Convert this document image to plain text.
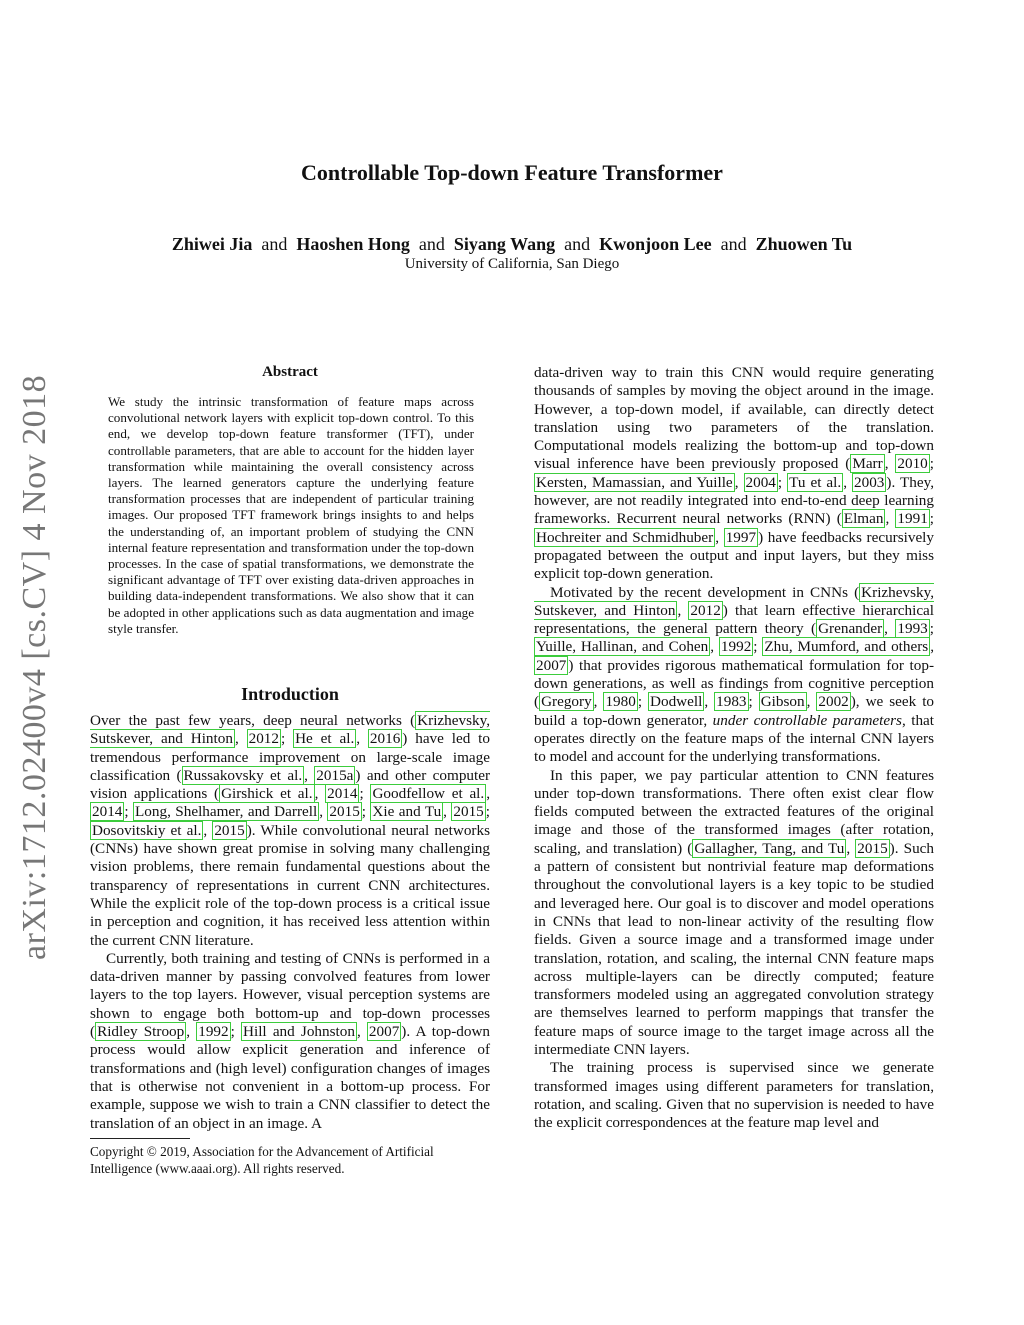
arXiv:1712.02400v4 [cs.CV] 4 Nov 2018
Controllable Top-down Feature Transformer
Zhiwei Jia and Haoshen Hong and Siyang Wang and Kwonjoon Lee and Zhuowen Tu
University of California, San Diego
Abstract
We study the intrinsic transformation of feature maps across convolutional network layers with explicit top-down control. To this end, we develop top-down feature transformer (TFT), under controllable parameters, that are able to account for the hidden layer transformation while maintaining the overall consistency across layers. The learned generators capture the underlying feature transformation processes that are independent of particular training images. Our proposed TFT framework brings insights to and helps the understanding of, an important problem of studying the CNN internal feature representation and transformation under the top-down processes. In the case of spatial transformations, we demonstrate the significant advantage of TFT over existing data-driven approaches in building data-independent transformations. We also show that it can be adopted in other applications such as data augmentation and image style transfer.
Introduction

Over the past few years, deep neural networks ( Krizhevsky, Sutskever, and Hinton , 2012 ; He et al. , 2016 ) have led to tremendous performance improvement on large-scale image classification ( Russakovsky et al. , 2015a ) and other computer vision applications ( Girshick et al. , 2014 ; Goodfellow et al. , 2014 ; Long, Shelhamer, and Darrell , 2015 ; Xie and Tu , 2015 ; Dosovitskiy et al. , 2015 ). While convolutional neural networks (CNNs) have shown great promise in solving many challenging vision problems, there remain fundamental questions about the transparency of representations in current CNN architectures. While the explicit role of the top-down process is a critical issue in perception and cognition, it has received less attention within the current CNN literature.

Currently, both training and testing of CNNs is performed in a data-driven manner by passing convolved features from lower layers to the top layers. However, visual perception systems are shown to engage both bottom-up and top-down processes ( Ridley Stroop , 1992 ; Hill and Johnston , 2007 ). A top-down process would allow explicit generation and inference of transformations and (high level) configuration changes of images that is otherwise not convenient in a bottom-up process. For example, suppose we wish to train a CNN classifier to detect the translation of an object in an image. A

Copyright © 2019, Association for the Advancement of Artificial Intelligence (www.aaai.org). All rights reserved.

data-driven way to train this CNN would require generating thousands of samples by moving the object around in the image. However, a top-down model, if available, can directly detect translation using two parameters of the translation. Computational models realizing the bottom-up and top-down visual inference have been previously proposed ( Marr , 2010 ; Kersten, Mamassian, and Yuille , 2004 ; Tu et al. , 2003 ). They, however, are not readily integrated into end-to-end deep learning frameworks. Recurrent neural networks (RNN) ( Elman , 1991 ; Hochreiter and Schmidhuber , 1997 ) have feedbacks recursively propagated between the output and input layers, but they miss explicit top-down generation.

Motivated by the recent development in CNNs ( Krizhevsky, Sutskever, and Hinton , 2012 ) that learn effective hierarchical representations, the general pattern theory ( Grenander , 1993 ; Yuille, Hallinan, and Cohen , 1992 ; Zhu, Mumford, and others , 2007 ) that provides rigorous mathematical formulation for top-down generations, as well as findings from cognitive perception ( Gregory , 1980 ; Dodwell , 1983 ; Gibson , 2002 ), we seek to build a top-down generator, under controllable parameters, that operates directly on the feature maps of the internal CNN layers to model and account for the underlying transformations.

In this paper, we pay particular attention to CNN features under top-down transformations. There often exist clear flow fields computed between the extracted features of the original image and those of the transformed images (after rotation, scaling, and translation) ( Gallagher, Tang, and Tu , 2015 ). Such a pattern of consistent but nontrivial feature map deformations throughout the convolutional layers is a key topic to be studied and leveraged here. Our goal is to discover and model operations in CNNs that lead to non-linear activity of the resulting flow fields. Given a source image and a transformed image under translation, rotation, and scaling, the internal CNN feature maps across multiple-layers can be directly computed; feature transformers modeled using an aggregated convolution strategy are themselves learned to perform mappings that transfer the feature maps of source image to the target image across all the intermediate CNN layers.

The training process is supervised since we generate transformed images using different parameters for translation, rotation, and scaling. Given that no supervision is needed to have the explicit correspondences at the feature map level and
